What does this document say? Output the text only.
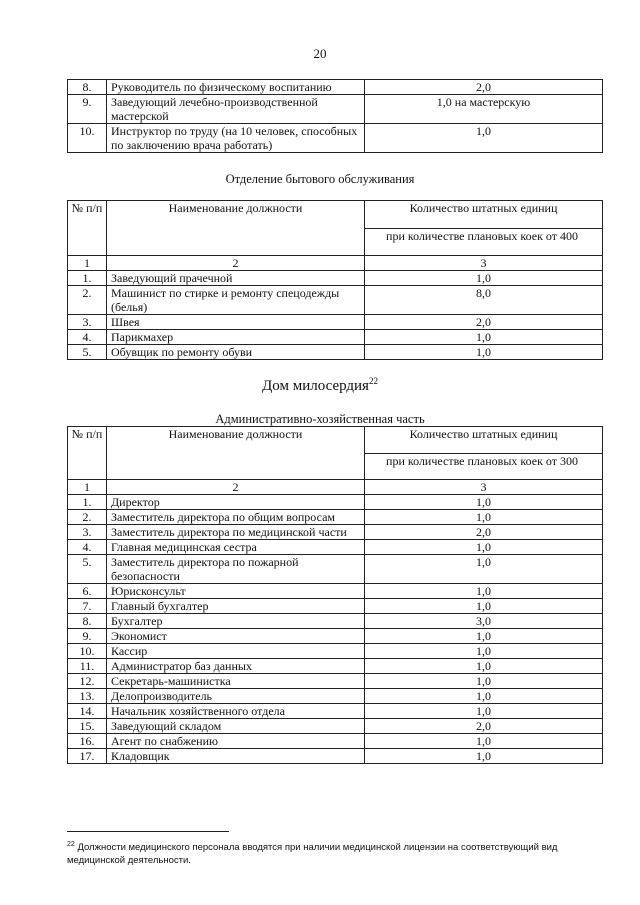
20
8.	Руководитель по физическому воспитанию	2,0
9.	Заведующий лечебно-производственной мастерской	1,0 на мастерскую
10.	Инструктор по труду (на 10 человек, способных по заключению врача работать)	1,0
Отделение бытового обслуживания
№ п/п	Наименование должности	Количество штатных единиц
		при количестве плановых коек от 400
1	2	3
1.	Заведующий прачечной	1,0
2.	Машинист по стирке и ремонту спецодежды (белья)	8,0
3.	Швея	2,0
4.	Парикмахер	1,0
5.	Обувщик по ремонту обуви	1,0
Дом милосердия$^{22}$
Административно-хозяйственная часть
№ п/п	Наименование должности	Количество штатных единиц
		при количестве плановых коек от 300
1	2	3
1.	Директор	1,0
2.	Заместитель директора по общим вопросам	1,0
3.	Заместитель директора по медицинской части	2,0
4.	Главная медицинская сестра	1,0
5.	Заместитель директора по пожарной безопасности	1,0
6.	Юрисконсульт	1,0
7.	Главный бухгалтер	1,0
8.	Бухгалтер	3,0
9.	Экономист	1,0
10.	Кассир	1,0
11.	Администратор баз данных	1,0
12.	Секретарь-машинистка	1,0
13.	Делопроизводитель	1,0
14.	Начальник хозяйственного отдела	1,0
15.	Заведующий складом	2,0
16.	Агент по снабжению	1,0
17.	Кладовщик	1,0
$^{22}$ Должности медицинского персонала вводятся при наличии медицинской лицензии на соответствующий вид медицинской деятельности.
